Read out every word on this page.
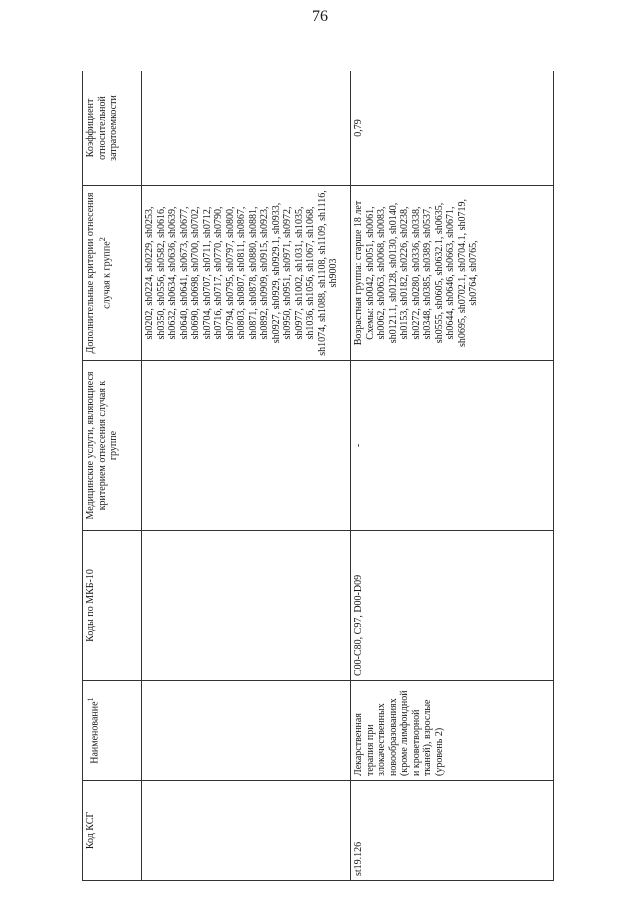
76
Код КСГ	Наименование$^1$	Коды по МКБ-10	Медицинские услуги, являющиеся критерием отнесения случая к группе	Дополнительные критерии отнесения случая к группе$^2$	Коэффициент относительной затратоемкости
				sh0202, sh0224, sh0229, sh0253, sh0350, sh0556, sh0582, sh0616, sh0632, sh0634, sh0636, sh0639, sh0640, sh0641, sh0673, sh0677, sh0690, sh0698, sh0700, sh0702, sh0704, sh0707, sh0711, sh0712, sh0716, sh0717, sh0770, sh0790, sh0794, sh0795, sh0797, sh0800, sh0803, sh0807, sh0811, sh0867, sh0871, sh0878, sh0880, sh0881, sh0892, sh0909, sh0915, sh0923, sh0927, sh0929, sh0929.1, sh0933, sh0950, sh0951, sh0971, sh0972, sh0977, sh1002, sh1031, sh1035, sh1036, sh1056, sh1067, sh1068, sh1074, sh1088, sh1108, sh1109, sh1116, sh9003	
st19.126	Лекарственная терапия при злокачественных новообразованиях (кроме лимфоидной и кроветворной тканей), взрослые (уровень 2)	C00-C80, C97, D00-D09	-	Возрастная группа: старше 18 лет Схемы: sh0042, sh0051, sh0061, sh0062, sh0063, sh0068, sh0083, sh0121.1, sh0128, sh0130, sh0140, sh0153, sh0182, sh0226, sh0238, sh0272, sh0280, sh0336, sh0338, sh0348, sh0385, sh0389, sh0537, sh0555, sh0605, sh0632.1, sh0635, sh0644, sh0646, sh0663, sh0671, sh0695, sh0702.1, sh0704.1, sh0719, sh0764, sh0765,	0,79
